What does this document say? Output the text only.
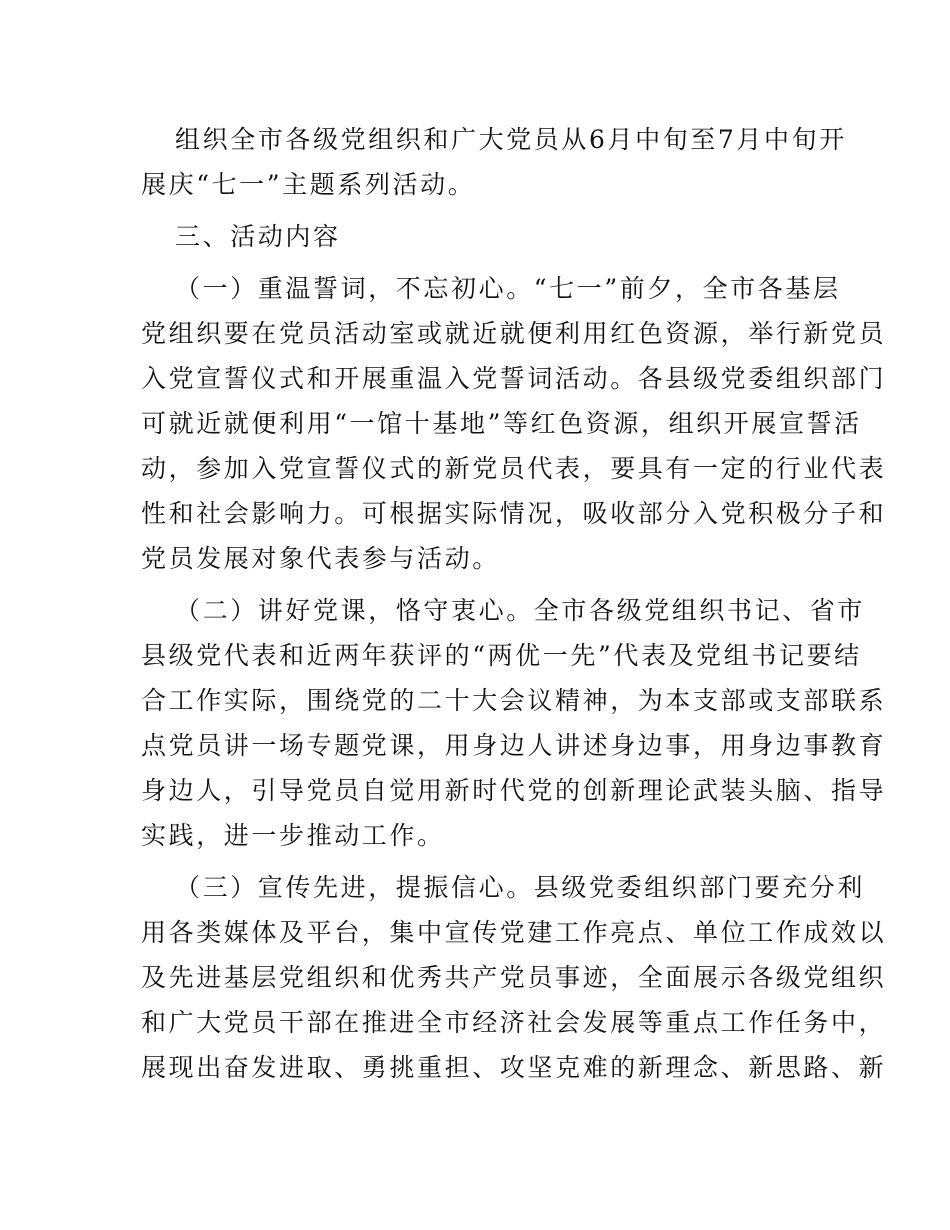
组织全市各级党组织和广大党员从6月中旬至7月中旬开
展庆“七一”主题系列活动。
三、活动内容
（一）重温誓词，不忘初心。“七一”前夕，全市各基层
党组织要在党员活动室或就近就便利用红色资源，举行新党员
入党宣誓仪式和开展重温入党誓词活动。各县级党委组织部门
可就近就便利用“一馆十基地”等红色资源，组织开展宣誓活
动，参加入党宣誓仪式的新党员代表，要具有一定的行业代表
性和社会影响力。可根据实际情况，吸收部分入党积极分子和
党员发展对象代表参与活动。
（二）讲好党课，恪守衷心。全市各级党组织书记、省市
县级党代表和近两年获评的“两优一先”代表及党组书记要结
合工作实际，围绕党的二十大会议精神，为本支部或支部联系
点党员讲一场专题党课，用身边人讲述身边事，用身边事教育
身边人，引导党员自觉用新时代党的创新理论武装头脑、指导
实践，进一步推动工作。
（三）宣传先进，提振信心。县级党委组织部门要充分利
用各类媒体及平台，集中宣传党建工作亮点、单位工作成效以
及先进基层党组织和优秀共产党员事迹，全面展示各级党组织
和广大党员干部在推进全市经济社会发展等重点工作任务中，
展现出奋发进取、勇挑重担、攻坚克难的新理念、新思路、新
